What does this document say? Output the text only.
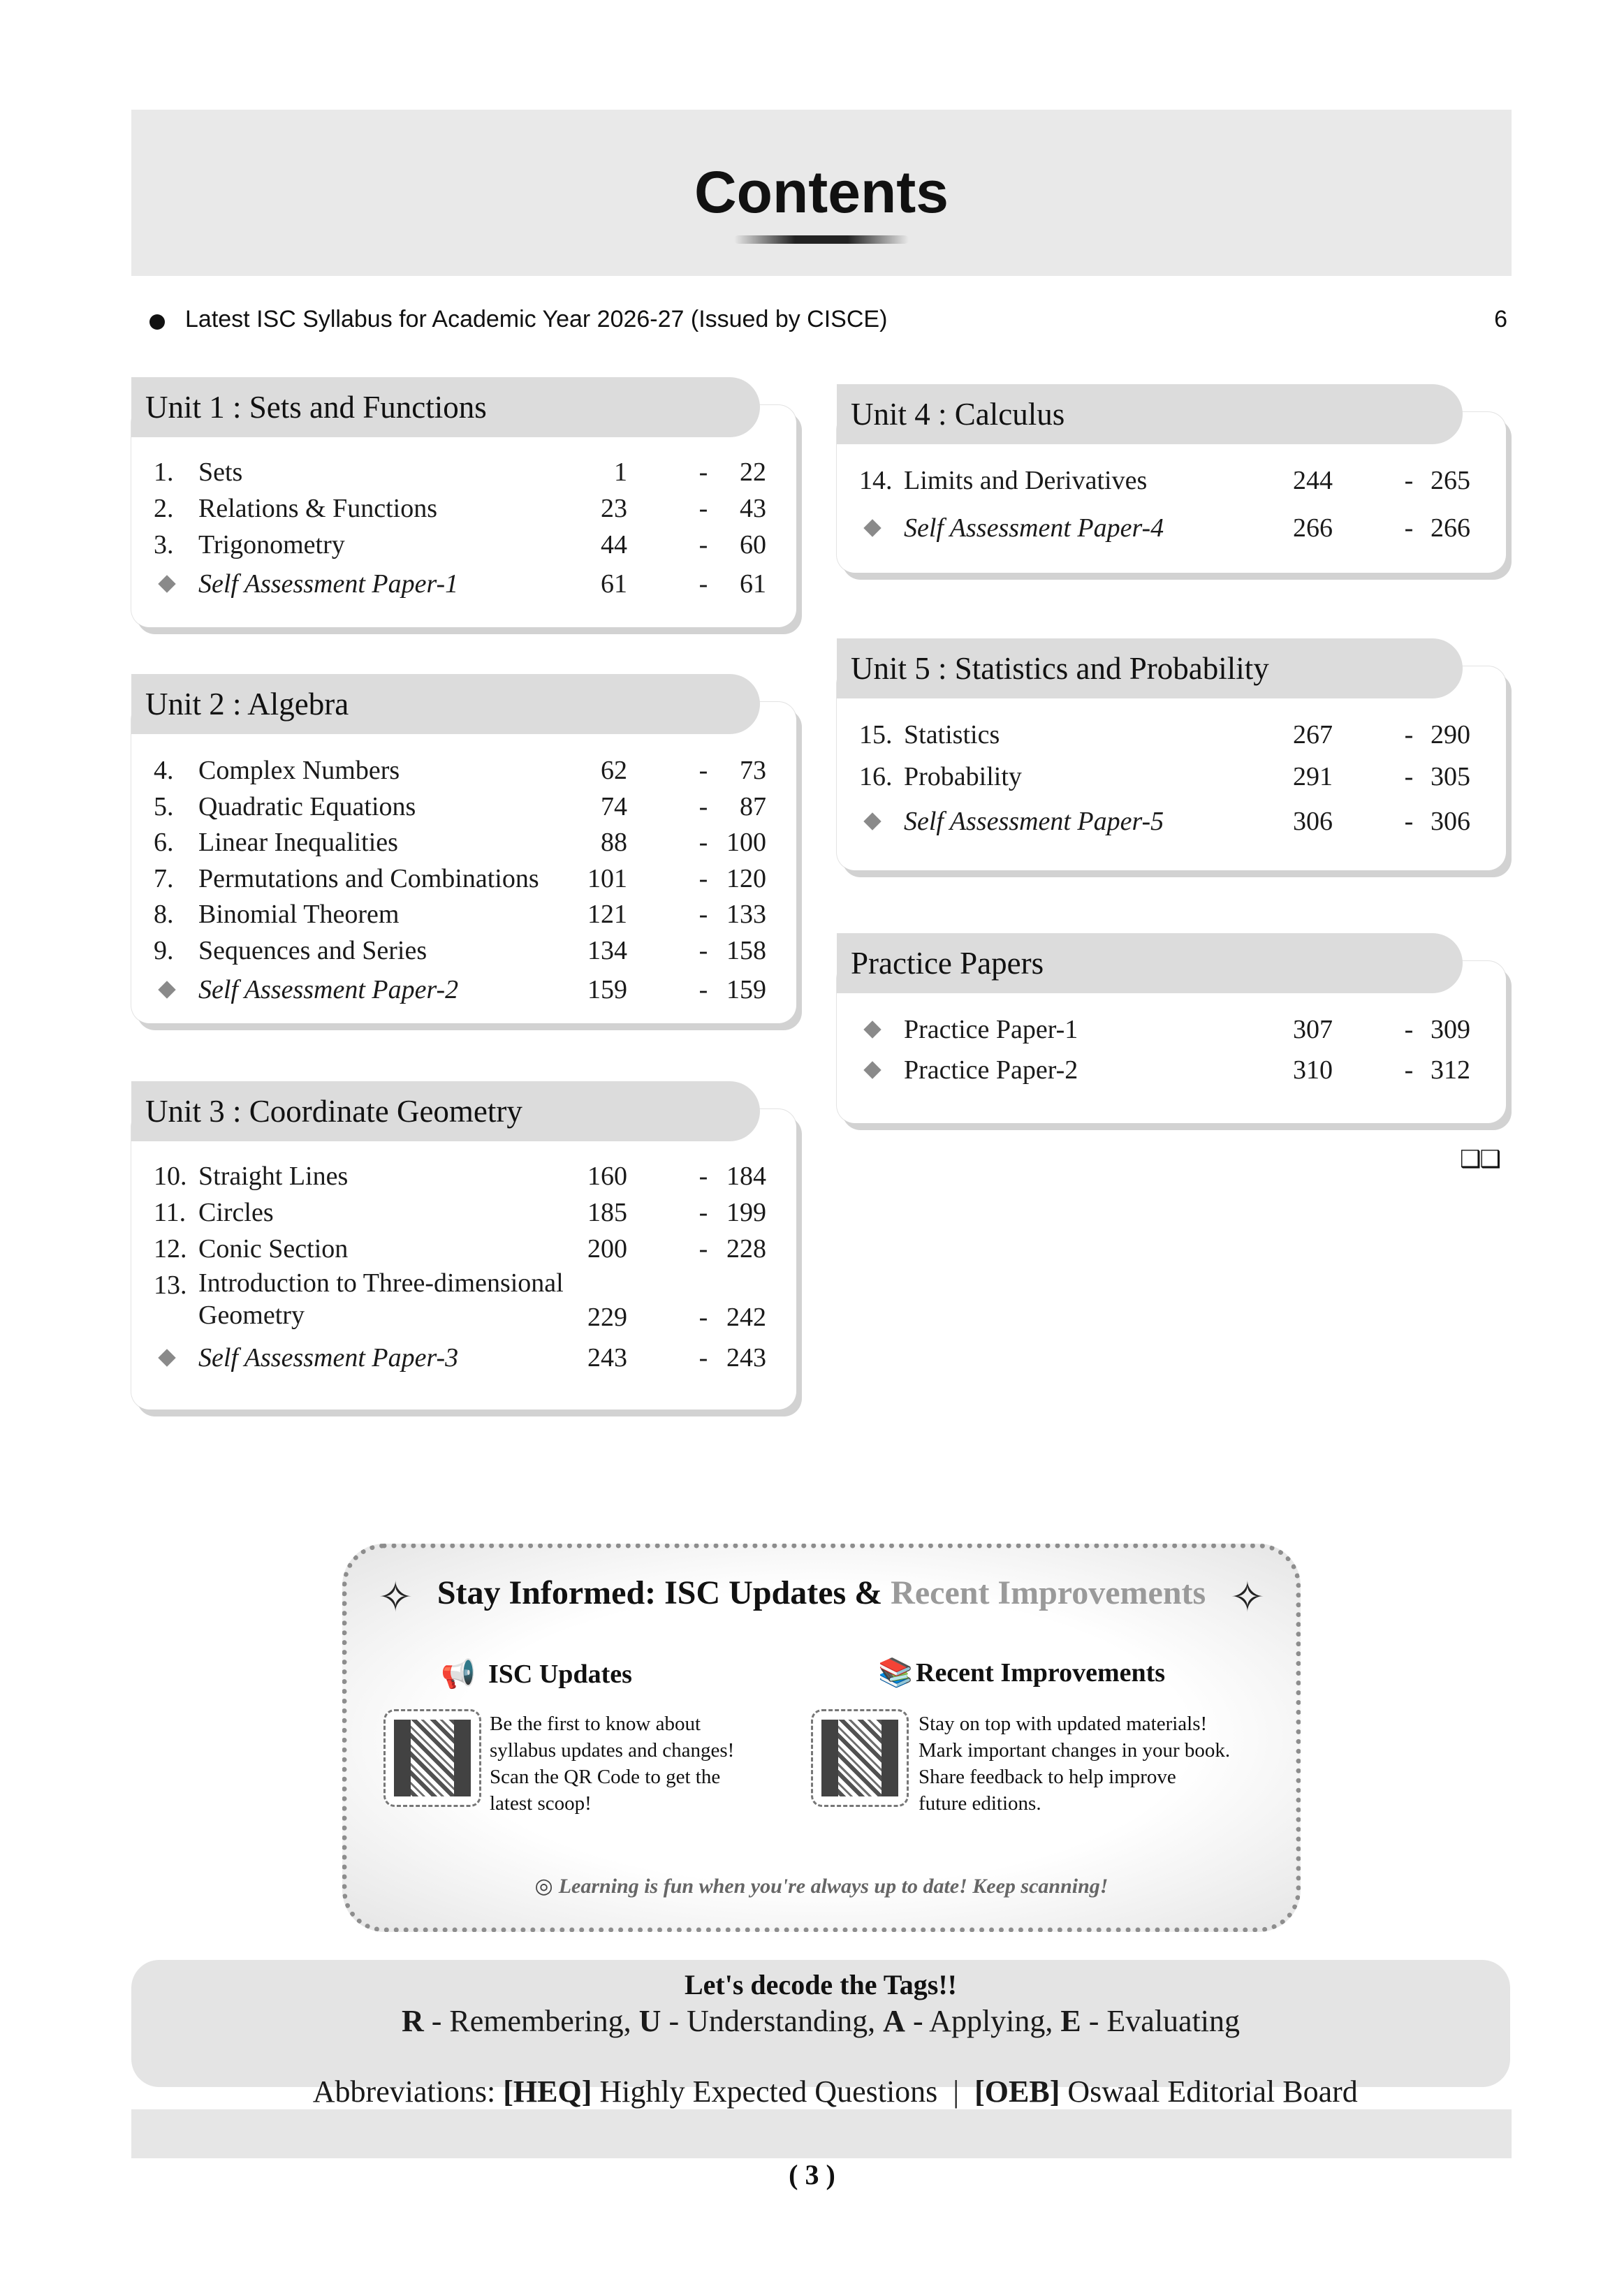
Contents
Latest ISC Syllabus for Academic Year 2026-27 (Issued by CISCE)	6
Unit 1 : Sets and Functions
1. Sets	1	-	22
2. Relations & Functions	23	-	43
3. Trigonometry	44	-	60
Self Assessment Paper-1	61	-	61
Unit 2 : Algebra
4. Complex Numbers	62	-	73
5. Quadratic Equations	74	-	87
6. Linear Inequalities	88	- 100
7. Permutations and Combinations	101	- 120
8. Binomial Theorem	121	- 133
9. Sequences and Series	134	- 158
Self Assessment Paper-2	159	- 159
Unit 3 : Coordinate Geometry
10. Straight Lines	160	- 184
11. Circles	185	- 199
12. Conic Section	200	- 228
13. Introduction to Three-dimensional
Geometry	229	- 242
Self Assessment Paper-3	243	- 243
Unit 4 : Calculus
14. Limits and Derivatives	244	- 265
Self Assessment Paper-4	266	- 266
Unit 5 : Statistics and Probability
15. Statistics	267	- 290
16. Probability	291	- 305
Self Assessment Paper-5	306	- 306
Practice Papers
Practice Paper-1	307	- 309
Practice Paper-2	310	- 312
❑❑
✧	✧
Stay Informed: ISC Updates & Recent Improvements
📢 ISC Updates
Be the first to know about
syllabus updates and changes!
Scan the QR Code to get the
latest scoop!
📚 Recent Improvements
Stay on top with updated materials!
Mark important changes in your book.
Share feedback to help improve
future editions.
◎ Learning is fun when you're always up to date! Keep scanning!
Let's decode the Tags!!
R - Remembering, U - Understanding, A - Applying, E - Evaluating

Abbreviations: [HEQ] Highly Expected Questions  |  [OEB] Oswaal Editorial Board

( 3 )
